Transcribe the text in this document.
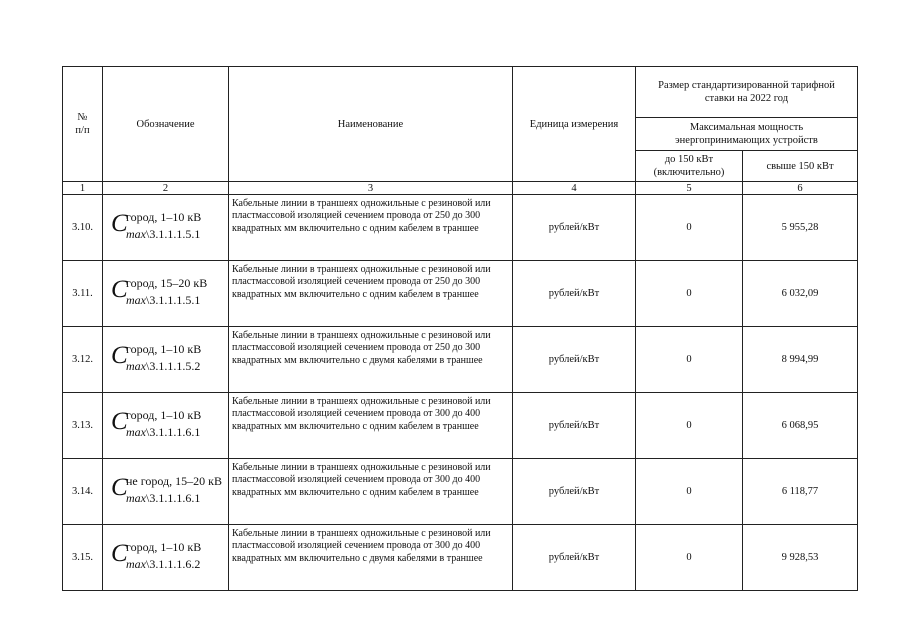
№
п/п	Обозначение	Наименование	Единица измерения	Размер стандартизированной тарифной ставки на 2022 год	
				Максимальная мощность энергопринимающих устройств	
				до 150 кВт (включительно)	свыше 150 кВт
1	2	3	4	5	6
3.10.	C
город, 1–10 кВ
max\3.1.1.1.5.1	Кабельные линии в траншеях одножильные с резиновой или пластмассовой изоляцией сечением провода от 250 до 300 квадратных мм включительно с одним кабелем в траншее	рублей/кВт	0	5 955,28
3.11.	C
город, 15–20 кВ
max\3.1.1.1.5.1	Кабельные линии в траншеях одножильные с резиновой или пластмассовой изоляцией сечением провода от 250 до 300 квадратных мм включительно с одним кабелем в траншее	рублей/кВт	0	6 032,09
3.12.	C
город, 1–10 кВ
max\3.1.1.1.5.2	Кабельные линии в траншеях одножильные с резиновой или пластмассовой изоляцией сечением провода от 250 до 300 квадратных мм включительно с двумя кабелями в траншее	рублей/кВт	0	8 994,99
3.13.	C
город, 1–10 кВ
max\3.1.1.1.6.1	Кабельные линии в траншеях одножильные с резиновой или пластмассовой изоляцией сечением провода от 300 до 400 квадратных мм включительно с одним кабелем в траншее	рублей/кВт	0	6 068,95
3.14.	C
не город, 15–20 кВ
max\3.1.1.1.6.1	Кабельные линии в траншеях одножильные с резиновой или пластмассовой изоляцией сечением провода от 300 до 400 квадратных мм включительно с одним кабелем в траншее	рублей/кВт	0	6 118,77
3.15.	C
город, 1–10 кВ
max\3.1.1.1.6.2	Кабельные линии в траншеях одножильные с резиновой или пластмассовой изоляцией сечением провода от 300 до 400 квадратных мм включительно с двумя кабелями в траншее	рублей/кВт	0	9 928,53
